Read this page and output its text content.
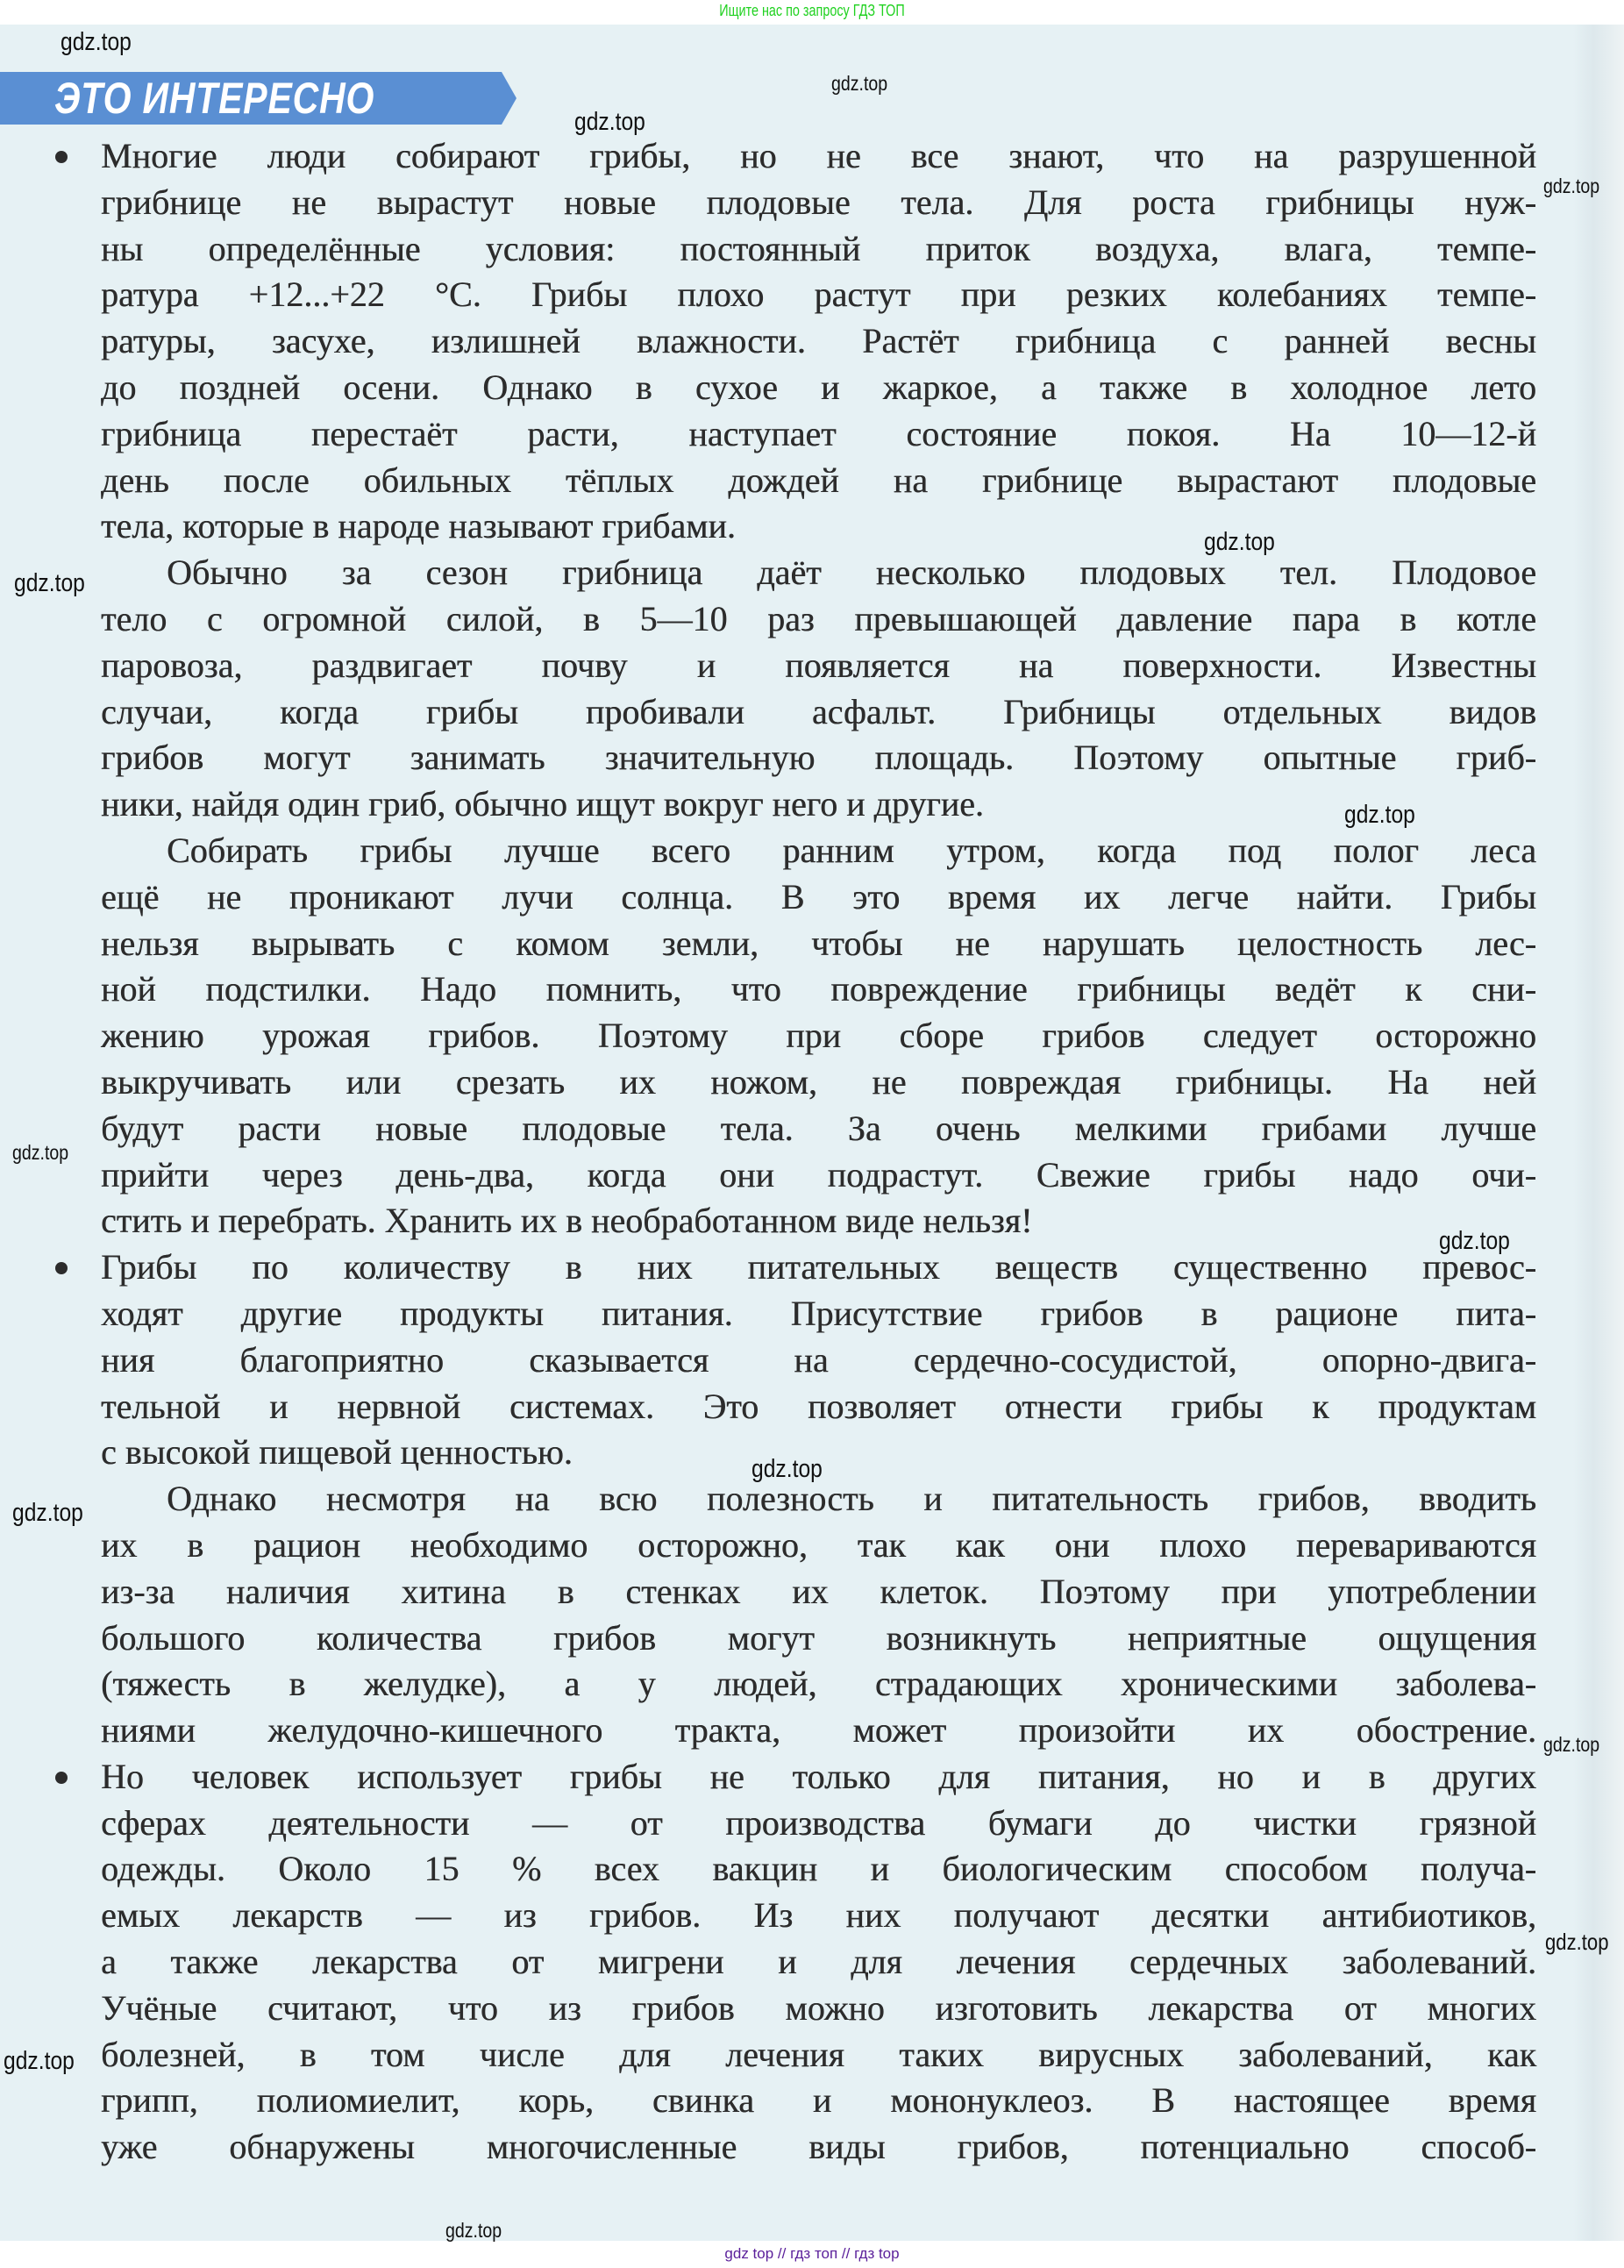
Ищите нас по запросу ГДЗ ТОП
ЭТО ИНТЕРЕСНО
Многие люди собирают грибы, но не все знают, что на разрушенной
грибнице не вырастут новые плодовые тела. Для роста грибницы нуж-
ны определённые условия: постоянный приток воздуха, влага, темпе-
ратура +12...+22 °С. Грибы плохо растут при резких колебаниях темпе-
ратуры, засухе, излишней влажности. Растёт грибница с ранней весны
до поздней осени. Однако в сухое и жаркое, а также в холодное лето
грибница перестаёт расти, наступает состояние покоя. На 10—12-й
день после обильных тёплых дождей на грибнице вырастают плодовые
тела, которые в народе называют грибами.
Обычно за сезон грибница даёт несколько плодовых тел. Плодовое
тело с огромной силой, в 5—10 раз превышающей давление пара в котле
паровоза, раздвигает почву и появляется на поверхности. Известны
случаи, когда грибы пробивали асфальт. Грибницы отдельных видов
грибов могут занимать значительную площадь. Поэтому опытные гриб-
ники, найдя один гриб, обычно ищут вокруг него и другие.
Собирать грибы лучше всего ранним утром, когда под полог леса
ещё не проникают лучи солнца. В это время их легче найти. Грибы
нельзя вырывать с комом земли, чтобы не нарушать целостность лес-
ной подстилки. Надо помнить, что повреждение грибницы ведёт к сни-
жению урожая грибов. Поэтому при сборе грибов следует осторожно
выкручивать или срезать их ножом, не повреждая грибницы. На ней
будут расти новые плодовые тела. За очень мелкими грибами лучше
прийти через день-два, когда они подрастут. Свежие грибы надо очи-
стить и перебрать. Хранить их в необработанном виде нельзя!
Грибы по количеству в них питательных веществ существенно превос-
ходят другие продукты питания. Присутствие грибов в рационе пита-
ния благоприятно сказывается на сердечно-сосудистой, опорно-двига-
тельной и нервной системах. Это позволяет отнести грибы к продуктам
с высокой пищевой ценностью.
Однако несмотря на всю полезность и питательность грибов, вводить
их в рацион необходимо осторожно, так как они плохо перевариваются
из-за наличия хитина в стенках их клеток. Поэтому при употреблении
большого количества грибов могут возникнуть неприятные ощущения
(тяжесть в желудке), а у людей, страдающих хроническими заболева-
ниями желудочно-кишечного тракта, может произойти их обострение.
Но человек использует грибы не только для питания, но и в других
сферах деятельности — от производства бумаги до чистки грязной
одежды. Около 15 % всех вакцин и биологическим способом получа-
емых лекарств — из грибов. Из них получают десятки антибиотиков,
а также лекарства от мигрени и для лечения сердечных заболеваний.
Учёные считают, что из грибов можно изготовить лекарства от многих
болезней, в том числе для лечения таких вирусных заболеваний, как
грипп, полиомиелит, корь, свинка и мононуклеоз. В настоящее время
уже обнаружены многочисленные виды грибов, потенциально способ-
gdz.top
gdz.top
gdz.top
gdz.top
gdz.top
gdz.top
gdz.top
gdz.top
gdz.top
gdz.top
gdz.top
gdz.top
gdz.top
gdz.top
gdz.top
gdz top // гдз топ // гдз top
